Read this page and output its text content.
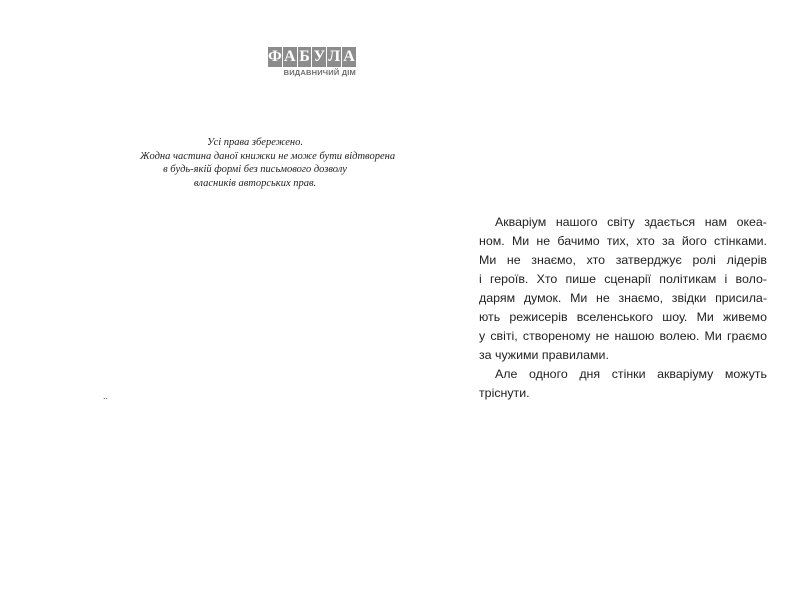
Ф А Б У Л А
ВИДАВНИЧИЙ ДІМ
Усі права збережено.
Жодна частина даної книжки не може бути відтворена
в будь-якій формі без письмового дозволу
власників авторських прав.
..
Акваріум нашого світу здається нам океа-
ном. Ми не бачимо тих, хто за його стінками.
Ми не знаємо, хто затверджує ролі лідерів
і героїв. Хто пише сценарії політикам і воло-
дарям думок. Ми не знаємо, звідки присила-
ють режисерів вселенського шоу. Ми живемо
у світі, створеному не нашою волею. Ми граємо
за чужими правилами.
Але одного дня стінки акваріуму можуть
тріснути.
